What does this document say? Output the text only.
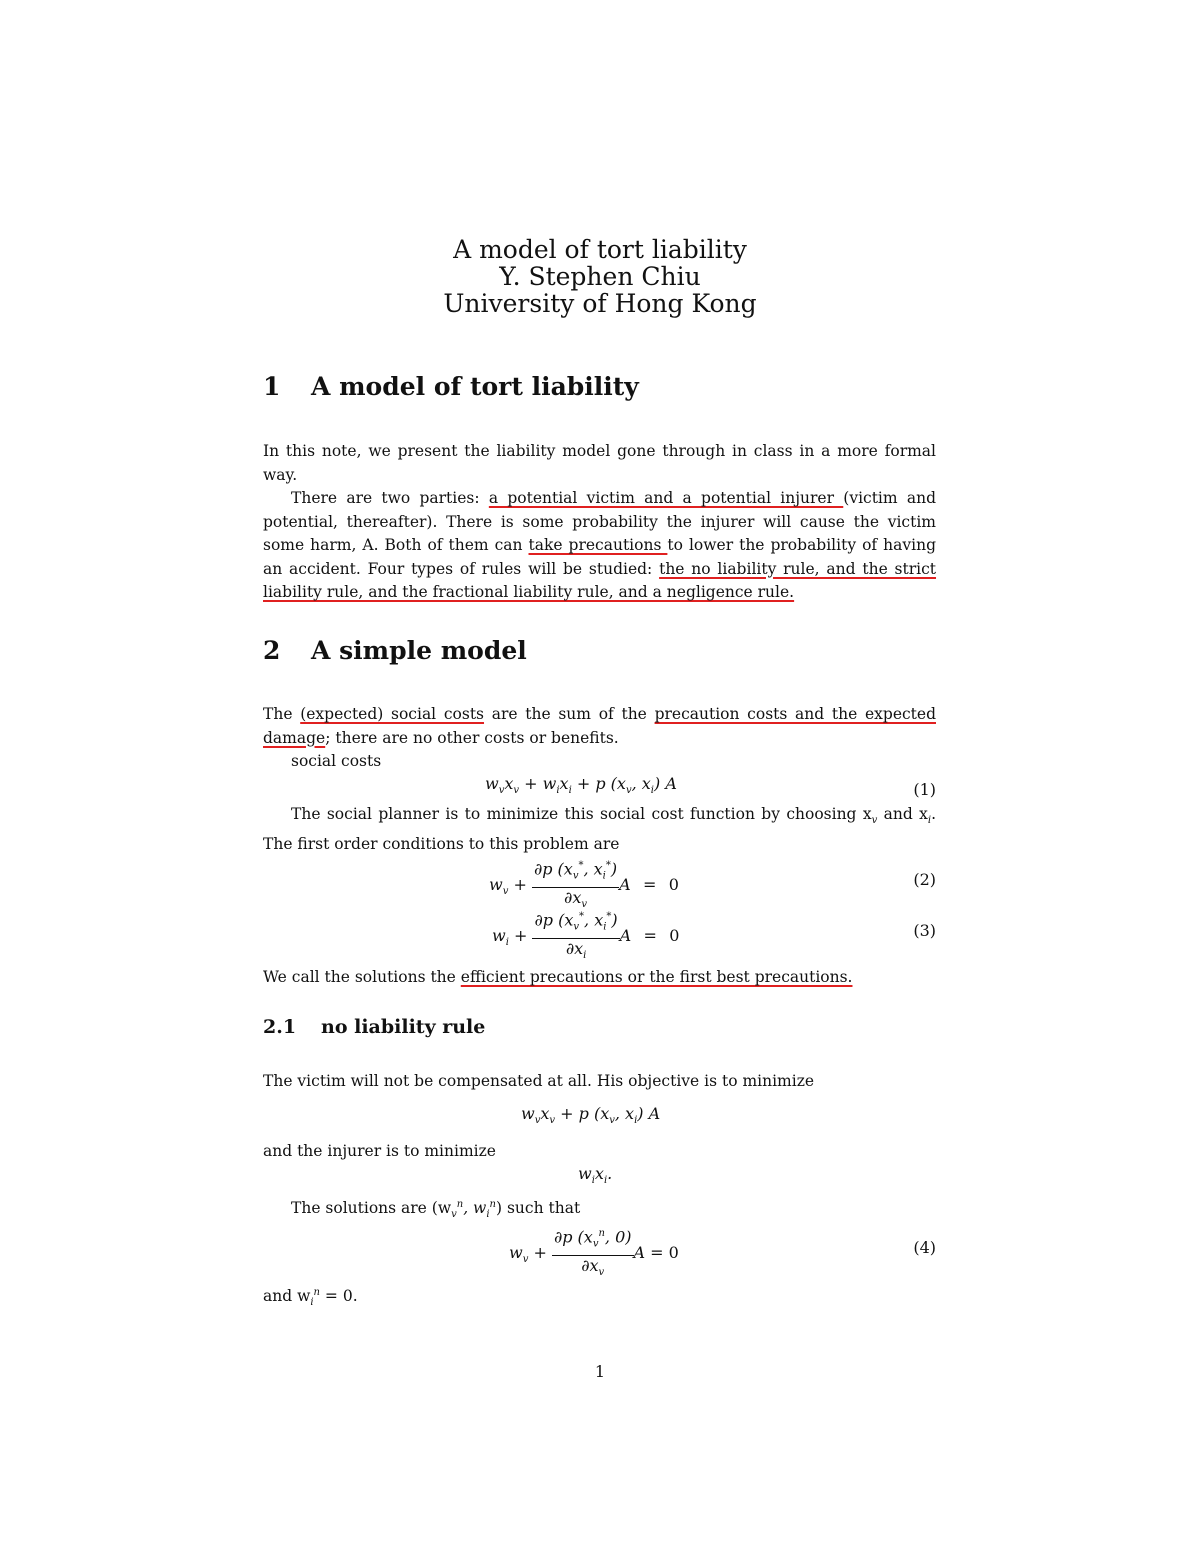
A model of tort liability
Y. Stephen Chiu
University of Hong Kong
1 A model of tort liability

In this note, we present the liability model gone through in class in a more formal way.

There are two parties: a potential victim and a potential injurer (victim and potential, thereafter). There is some probability the injurer will cause the victim some harm, A. Both of them can take precautions to lower the probability of having an accident. Four types of rules will be studied: the no liability rule, and the strict liability rule, and the fractional liability rule, and a negligence rule.

2 A simple model

The (expected) social costs are the sum of the precaution costs and the expected damage; there are no other costs or benefits.

social costs

$w_vx_v + w_ix_i + p$ ($x_v$, $x_i$) A	(1)

The social planner is to minimize this social cost function by choosing $x_v$ and $x_i$. The first order conditions to this problem are

$w_v + \frac{\partial p (x_v^*, x_i^*)}{\partial x_v}$ A = 0	(2)
$w_i + \frac{\partial p (x_v^*, x_i^*)}{\partial x_i}$ A = 0	(3)

We call the solutions the efficient precautions or the first best precautions.

2.1 no liability rule

The victim will not be compensated at all. His objective is to minimize

$w_vx_v + p$ ($x_v$, $x_i$) A

and the injurer is to minimize

$w_ix_i$.

The solutions are ($w_v^n$, $w_i^n$) such that

$w_v + \frac{\partial p (x_v^n, 0)}{\partial x_v}$ A = 0	(4)

and $w_i^n = 0$.

1
